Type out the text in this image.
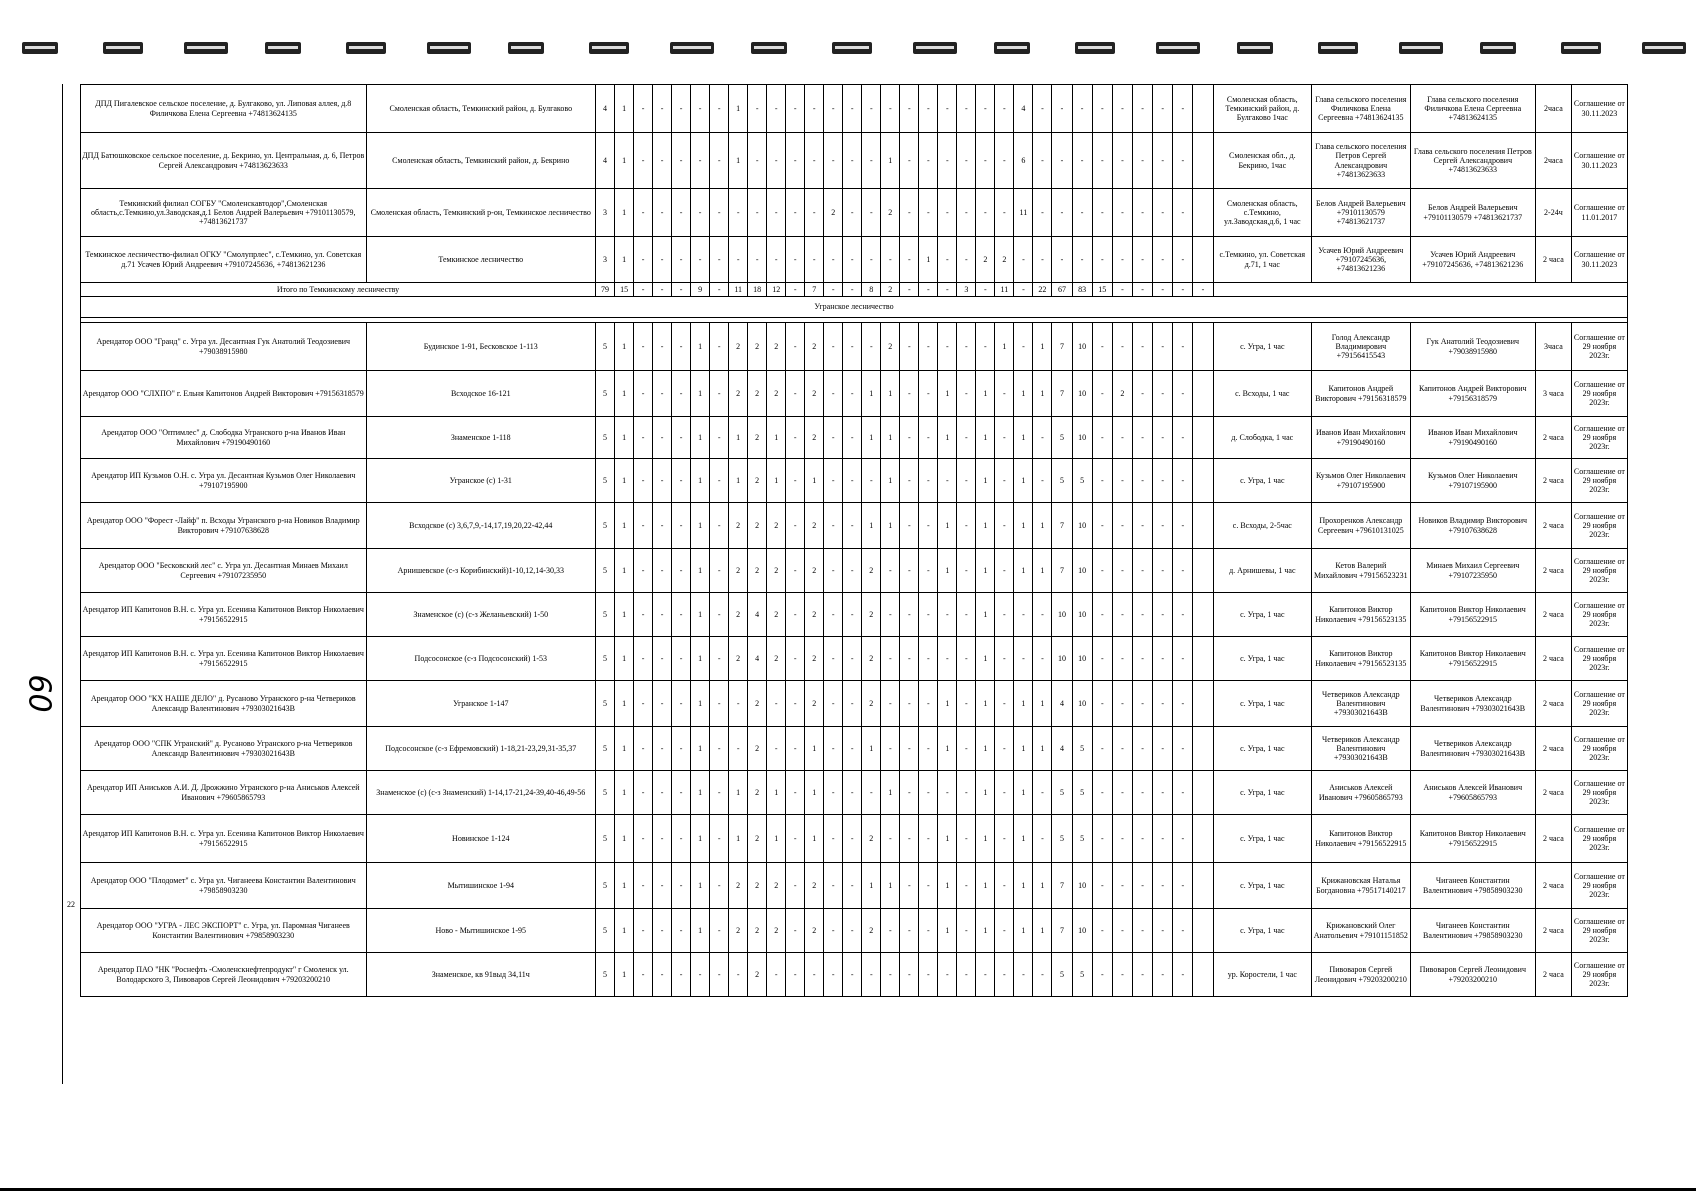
60
22
ДПД Пигалевское сельское поселение, д. Булгаково, ул. Липовая аллея, д.8 Филичкова Елена Сергеевна +74813624135	Смоленская область, Темкинский район, д. Булгаково	4	1	-	-	-	-	-	1	-	-	-	-	-	-	-	-	-	-	-	-	-	-	4	-	-	-	-	-	-	-	-		Смоленская область, Темкинский район, д. Булгаково 1час	Глава сельского поселения Филичкова Елена Сергеевна +74813624135	Глава сельского поселения Филичкова Елена Сергеевна +74813624135	2часа	Соглашение от 30.11.2023
ДПД Батюшковское сельское поселение, д. Бекрино, ул. Центральная, д. 6, Петров Сергей Александрович +74813623633	Смоленская область, Темкинский район, д. Бекрино	4	1	-	-	-	-	-	1	-	-	-	-	-	-	-	1	-	-	-	-	-	-	6	-	-	-	-	-	-	-	-		Смоленская обл., д. Бекрино, 1час	Глава сельского поселения Петров Сергей Александрович +74813623633	Глава сельского поселения Петров Сергей Александрович +74813623633	2часа	Соглашение от 30.11.2023
Темкинский филиал СОГБУ "Смоленскавтодор",Смоленская область,с.Темкино,ул.Заводская,д.1 Белов Андрей Валерьевич +79101130579, +74813621737	Смоленская область, Темкинский р-он, Темкинское лесничество	3	1	-	-	-	-	-	-	-	-	-	-	2	-	-	2	-	-	-	-	-	-	11	-	-	-	-	-	-	-	-		Смоленская область, с.Темкино, ул.Заводская,д.6, 1 час	Белов Андрей Валерьевич +79101130579 +74813621737	Белов Андрей Валерьевич +79101130579 +74813621737	2-24ч	Соглашение от 11.01.2017
Темкинское лесничество-филиал ОГКУ "Смолупрлес", с.Темкино, ул. Советская д.71 Усачев Юрий Андреевич +79107245636, +74813621236	Темкинское лесничество	3	1	-	-	-	-	-	-	-	-	-	-	-	-	-	-	-	1	-	-	2	2	-	-	-	-	-	-	-	-	-		с.Темкино, ул. Советская д.71, 1 час	Усачев Юрий Андреевич +79107245636, +74813621236	Усачев Юрий Андреевич +79107245636, +74813621236	2 часа	Соглашение от 30.11.2023
Итого по Темкинскому лесничеству		79	15	-	-	-	9	-	11	18	12	-	7	-	-	8	2	-	-	-	3	-	11	-	22	67	83	15	-	-	-	-	-					
Угранское лесничество																																						

Арендатор ООО "Гранд" с. Угра ул. Десантная Гук Анатолий Теодозиевич +79038915980	Будинское 1-91, Бесковское 1-113	5	1	-	-	-	1	-	2	2	2	-	2	-	-	-	2	-	-	-	-	-	1	-	1	7	10	-	-	-	-	-		с. Угра, 1 час	Голод Александр Владимирович +79156415543	Гук Анатолий Теодозиевич +79038915980	3часа	Соглашение от 29 ноября 2023г.
Арендатор ООО "СЛХПО" г. Ельня Капитонов Андрей Викторович +79156318579	Всходское 16-121	5	1	-	-	-	1	-	2	2	2	-	2	-	-	1	1	-	-	1	-	1	-	1	1	7	10	-	2	-	-	-		с. Всходы, 1 час	Капитонов Андрей Викторович +79156318579	Капитонов Андрей Викторович +79156318579	3 часа	Соглашение от 29 ноября 2023г.
Арендатор ООО "Оптимлес" д. Слободка Угранского р-на Иванов Иван Михайлович +79190490160	Знаменское 1-118	5	1	-	-	-	1	-	1	2	1	-	2	-	-	1	1	-	-	1	-	1	-	1	-	5	10	-	-	-	-	-		д. Слободка, 1 час	Иванов Иван Михайлович +79190490160	Иванов Иван Михайлович +79190490160	2 часа	Соглашение от 29 ноября 2023г.
Арендатор ИП Кузьмов О.Н. с. Угра ул. Десантная Кузьмов Олег Николаевич +79107195900	Угранское (с) 1-31	5	1	-	-	-	1	-	1	2	1	-	1	-	-	-	1	-	-	-	-	1	-	1	-	5	5	-	-	-	-	-		с. Угра, 1 час	Кузьмов Олег Николаевич +79107195900	Кузьмов Олег Николаевич +79107195900	2 часа	Соглашение от 29 ноября 2023г.
Арендатор ООО "Форест -Лайф" п. Всходы Угранского р-на Новиков Владимир Викторович +79107638628	Всходское (с) 3,6,7,9,-14,17,19,20,22-42,44	5	1	-	-	-	1	-	2	2	2	-	2	-	-	1	1	-	-	1	-	1	-	1	1	7	10	-	-	-	-	-		с. Всходы, 2-5час	Прохоренков Александр Сергеевич +79610131025	Новиков Владимир Викторович +79107638628	2 часа	Соглашение от 29 ноября 2023г.
Арендатор ООО "Бесковский лес" с. Угра ул. Десантная Минаев Михаил Сергеевич +79107235950	Арнишевское (с-з Корибинский)1-10,12,14-30,33	5	1	-	-	-	1	-	2	2	2	-	2	-	-	2	-	-	-	1	-	1	-	1	1	7	10	-	-	-	-	-		д. Арнишевы, 1 час	Кетов Валерий Михайлович +79156523231	Минаев Михаил Сергеевич +79107235950	2 часа	Соглашение от 29 ноября 2023г.
Арендатор ИП Капитонов В.Н. с. Угра ул. Есенина Капитонов Виктор Николаевич +79156522915	Знаменское (с) (с-з Желаньевский) 1-50	5	1	-	-	-	1	-	2	4	2	-	2	-	-	2	-	-	-	-	-	1	-	-	-	10	10	-	-	-	-	-		с. Угра, 1 час	Капитонов Виктор Николаевич +79156523135	Капитонов Виктор Николаевич +79156522915	2 часа	Соглашение от 29 ноября 2023г.
Арендатор ИП Капитонов В.Н. с. Угра ул. Есенина Капитонов Виктор Николаевич +79156522915	Подсосонское (с-з Подсосонский) 1-53	5	1	-	-	-	1	-	2	4	2	-	2	-	-	2	-	-	-	-	-	1	-	-	-	10	10	-	-	-	-	-		с. Угра, 1 час	Капитонов Виктор Николаевич +79156523135	Капитонов Виктор Николаевич +79156522915	2 часа	Соглашение от 29 ноября 2023г.
Арендатор ООО "КХ НАШЕ ДЕЛО" д. Русаново Угранского р-на Четвериков Александр Валентинович +79303021643В	Угранское 1-147	5	1	-	-	-	1	-	-	2	-	-	2	-	-	2	-	-	-	1	-	1	-	1	1	4	10	-	-	-	-	-		с. Угра, 1 час	Четвериков Александр Валентинович +79303021643В	Четвериков Александр Валентинович +79303021643В	2 часа	Соглашение от 29 ноября 2023г.
Арендатор ООО "СПК Угранский" д. Русаново Угранского р-на Четвериков Александр Валентинович +79303021643В	Подсосонское (с-з Ефремовский) 1-18,21-23,29,31-35,37	5	1	-	-	-	1	-	-	2	-	-	1	-	-	1	-	-	-	1	-	1	-	1	1	4	5	-	-	-	-	-		с. Угра, 1 час	Четвериков Александр Валентинович +79303021643В	Четвериков Александр Валентинович +79303021643В	2 часа	Соглашение от 29 ноября 2023г.
Арендатор ИП Аниськов А.И. Д. Дрожжино Угранского р-на Аниськов Алексей Иванович +79605865793	Знаменское (с) (с-з Знаменский) 1-14,17-21,24-39,40-46,49-56	5	1	-	-	-	1	-	1	2	1	-	1	-	-	-	1	-	-	-	-	1	-	1	-	5	5	-	-	-	-	-		с. Угра, 1 час	Аниськов Алексей Иванович +79605865793	Аниськов Алексей Иванович +79605865793	2 часа	Соглашение от 29 ноября 2023г.
Арендатор ИП Капитонов В.Н. с. Угра ул. Есенина Капитонов Виктор Николаевич +79156522915	Новинское 1-124	5	1	-	-	-	1	-	1	2	1	-	1	-	-	2	-	-	-	1	-	1	-	1	-	5	5	-	-	-	-	-		с. Угра, 1 час	Капитонов Виктор Николаевич +79156522915	Капитонов Виктор Николаевич +79156522915	2 часа	Соглашение от 29 ноября 2023г.
Арендатор ООО "Плодомет" с. Угра ул. Чиганеева Константин Валентинович +79858903230	Мытишинское 1-94	5	1	-	-	-	1	-	2	2	2	-	2	-	-	1	1	-	-	1	-	1	-	1	1	7	10	-	-	-	-	-		с. Угра, 1 час	Крижановская Наталья Богдановна +79517140217	Чиганеев Константин Валентинович +79858903230	2 часа	Соглашение от 29 ноября 2023г.
Арендатор ООО "УГРА - ЛЕС ЭКСПОРТ" с. Угра, ул. Паромная Чиганеев Константин Валентинович +79858903230	Ново - Мытишинское 1-95	5	1	-	-	-	1	-	2	2	2	-	2	-	-	2	-	-	-	1	-	1	-	1	1	7	10	-	-	-	-	-		с. Угра, 1 час	Крижановский Олег Анатольевич +79101151852	Чиганеев Константин Валентинович +79858903230	2 часа	Соглашение от 29 ноября 2023г.
Арендатор ПАО "НК "Роснефть -Смоленскнефтепродукт" г Смоленск ул. Володарского 3, Пивоваров Сергей Леонидович +79203200210	Знаменское, кв 91выд 34,11ч	5	1	-	-	-	-	-	-	2	-	-	-	-	-	-	-	-	-	-	-	-	-	-	-	5	5	-	-	-	-	-		ур. Коростели, 1 час	Пивоваров Сергей Леонидович +79203200210	Пивоваров Сергей Леонидович +79203200210	2 часа	Соглашение от 29 ноября 2023г.
